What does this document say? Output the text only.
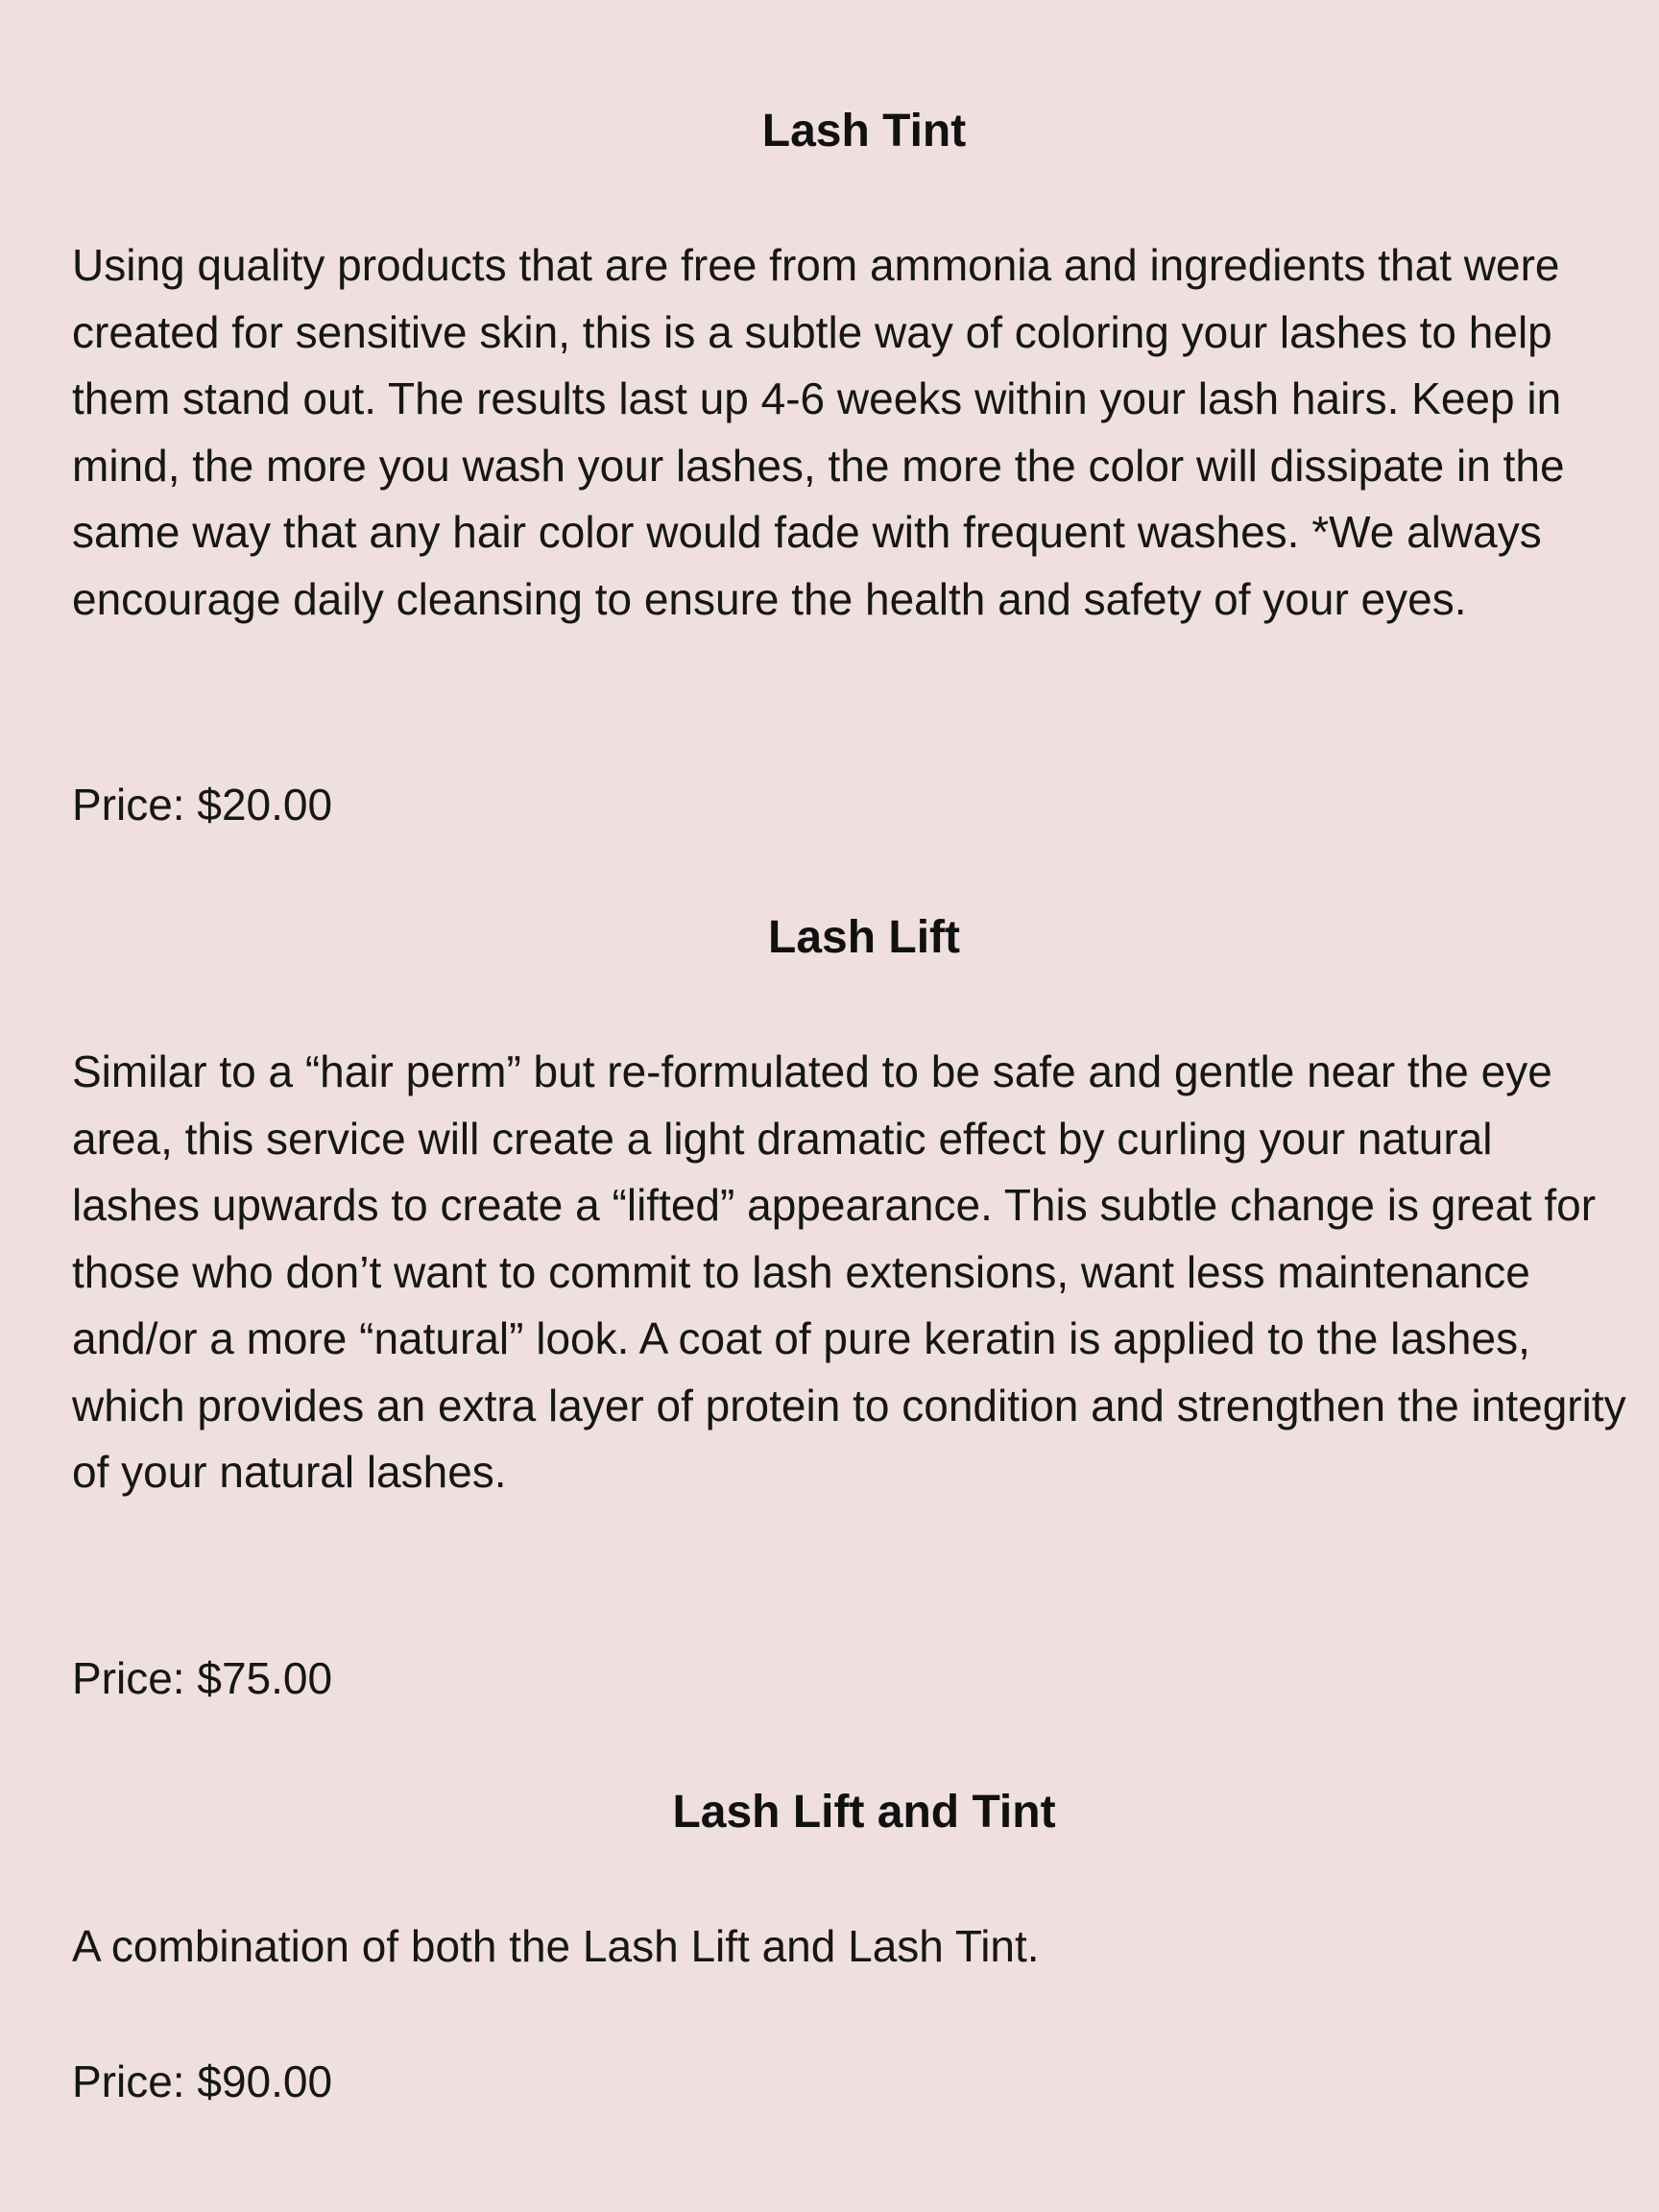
Lash Tint

Using quality products that are free from ammonia and ingredients that were created for sensitive skin, this is a subtle way of coloring your lashes to help them stand out. The results last up 4-6 weeks within your lash hairs. Keep in mind, the more you wash your lashes, the more the color will dissipate in the same way that any hair color would fade with frequent washes. *We always encourage daily cleansing to ensure the health and safety of your eyes.

Price: $20.00

Lash Lift

Similar to a “hair perm” but re-formulated to be safe and gentle near the eye area, this service will create a light dramatic effect by curling your natural lashes upwards to create a “lifted” appearance. This subtle change is great for those who don’t want to commit to lash extensions, want less maintenance and/or a more “natural” look. A coat of pure keratin is applied to the lashes, which provides an extra layer of protein to condition and strengthen the integrity of your natural lashes.

Price: $75.00

Lash Lift and Tint

A combination of both the Lash Lift and Lash Tint.

Price: $90.00
